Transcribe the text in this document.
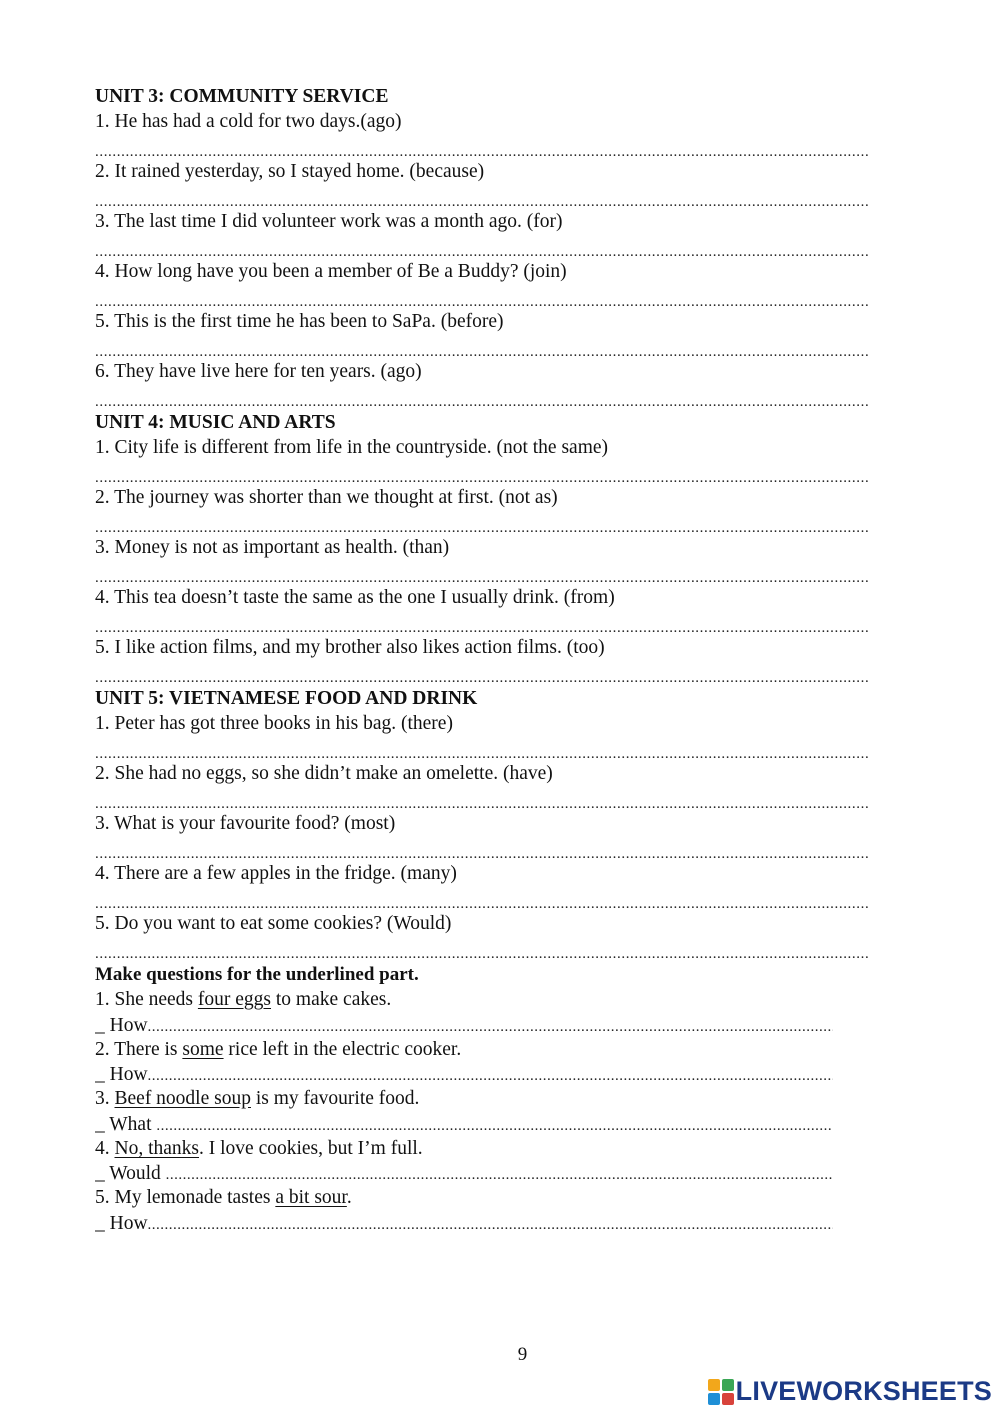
UNIT 3: COMMUNITY SERVICE
1. He has had a cold for two days.(ago)
.....
2. It rained yesterday, so I stayed home. (because)
.....
3. The last time I did volunteer work was a month ago. (for)
.....
4. How long have you been a member of Be a Buddy? (join)
.....
5. This is the first time he has been to SaPa. (before)
.....
6. They have live here for ten years. (ago)
.....
UNIT 4: MUSIC AND ARTS
1. City life is different from life in the countryside. (not the same)
.....
2. The journey was shorter than we thought at first. (not as)
.....
3. Money is not as important as health. (than)
.....
4. This tea doesn’t taste the same as the one I usually drink. (from)
.....
5. I like action films, and my brother also likes action films. (too)
.....
UNIT 5: VIETNAMESE FOOD AND DRINK
1. Peter has got three books in his bag. (there)
.....
2. She had no eggs, so she didn’t make an omelette. (have)
.....
3. What is your favourite food? (most)
.....
4. There are a few apples in the fridge. (many)
.....
5. Do you want to eat some cookies? (Would)
.....
Make questions for the underlined part.
1. She needs four eggs to make cakes.
_ How .....
2. There is some rice left in the electric cooker.
_ How .....
3. Beef noodle soup is my favourite food.
_ What .....
4. No, thanks. I love cookies, but I’m full.
_ Would .....
5. My lemonade tastes a bit sour.
_ How .....
9
LIVEWORKSHEETS
